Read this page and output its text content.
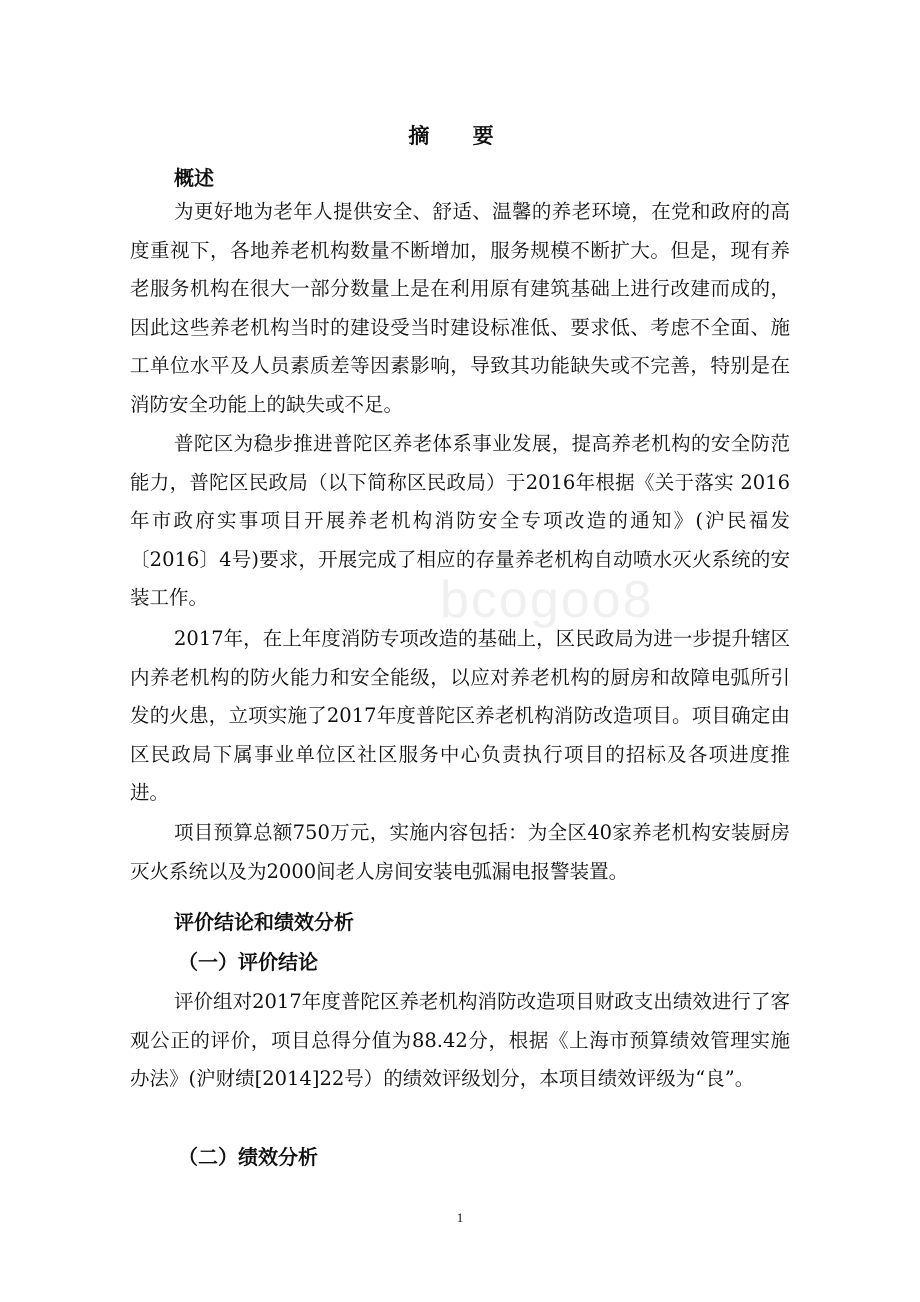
摘 要
概述

为更好地为老年人提供安全、舒适、温馨的养老环境，在党和政府的高度重视下，各地养老机构数量不断增加，服务规模不断扩大。但是，现有养老服务机构在很大一部分数量上是在利用原有建筑基础上进行改建而成的，因此这些养老机构当时的建设受当时建设标准低、要求低、考虑不全面、施工单位水平及人员素质差等因素影响，导致其功能缺失或不完善，特别是在消防安全功能上的缺失或不足。

普陀区为稳步推进普陀区养老体系事业发展，提高养老机构的安全防范能力，普陀区民政局（以下简称区民政局）于2016年根据《关于落实 2016 年市政府实事项目开展养老机构消防安全专项改造的通知》(沪民福发〔2016〕4号)要求，开展完成了相应的存量养老机构自动喷水灭火系统的安装工作。

2017年，在上年度消防专项改造的基础上，区民政局为进一步提升辖区内养老机构的防火能力和安全能级，以应对养老机构的厨房和故障电弧所引发的火患，立项实施了2017年度普陀区养老机构消防改造项目。项目确定由区民政局下属事业单位区社区服务中心负责执行项目的招标及各项进度推进。

项目预算总额750万元，实施内容包括：为全区40家养老机构安装厨房灭火系统以及为2000间老人房间安装电弧漏电报警装置。

评价结论和绩效分析
（一）评价结论

评价组对2017年度普陀区养老机构消防改造项目财政支出绩效进行了客观公正的评价，项目总得分值为88.42分，根据《上海市预算绩效管理实施办法》(沪财绩[2014]22号）的绩效评级划分，本项目绩效评级为“良”。

（二）绩效分析
bcogoo8
1
